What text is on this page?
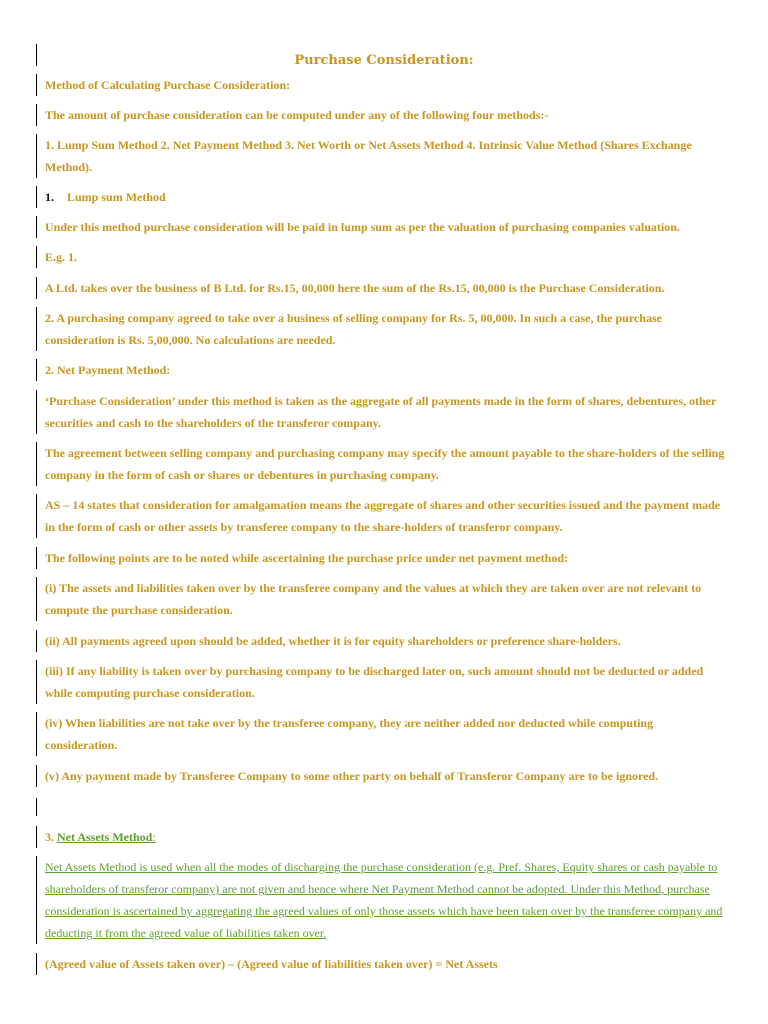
Purchase Consideration:
Method of Calculating Purchase Consideration:
The amount of purchase consideration can be computed under any of the following four methods:-
1. Lump Sum Method 2. Net Payment Method 3. Net Worth or Net Assets Method 4. Intrinsic Value Method (Shares Exchange Method).
1. Lump sum Method
Under this method purchase consideration will be paid in lump sum as per the valuation of purchasing companies valuation.
E.g. 1.
A Ltd. takes over the business of B Ltd. for Rs.15, 00,000 here the sum of the Rs.15, 00,000 is the Purchase Consideration.
2. A purchasing company agreed to take over a business of selling company for Rs. 5, 00,000. In such a case, the purchase consideration is Rs. 5,00,000. No calculations are needed.
2. Net Payment Method:
‘Purchase Consideration’ under this method is taken as the aggregate of all payments made in the form of shares, debentures, other securities and cash to the shareholders of the transferor company.
The agreement between selling company and purchasing company may specify the amount payable to the share-holders of the selling company in the form of cash or shares or debentures in purchasing company.
AS – 14 states that consideration for amalgamation means the aggregate of shares and other securities issued and the payment made in the form of cash or other assets by transferee company to the share-holders of transferor company.
The following points are to be noted while ascertaining the purchase price under net payment method:
(i) The assets and liabilities taken over by the transferee company and the values at which they are taken over are not relevant to compute the purchase consideration.
(ii) All payments agreed upon should be added, whether it is for equity shareholders or preference share-holders.
(iii) If any liability is taken over by purchasing company to be discharged later on, such amount should not be deducted or added while computing purchase consideration.
(iv) When liabilities are not take over by the transferee company, they are neither added nor deducted while computing consideration.
(v) Any payment made by Transferee Company to some other party on behalf of Transferor Company are to be ignored.
3. Net Assets Method:
Net Assets Method is used when all the modes of discharging the purchase consideration (e.g. Pref. Shares, Equity shares or cash payable to shareholders of transferor company) are not given and hence where Net Payment Method cannot be adopted. Under this Method, purchase consideration is ascertained by aggregating the agreed values of only those assets which have been taken over by the transferee company and deducting it from the agreed value of liabilities taken over.
(Agreed value of Assets taken over) – (Agreed value of liabilities taken over) = Net Assets
